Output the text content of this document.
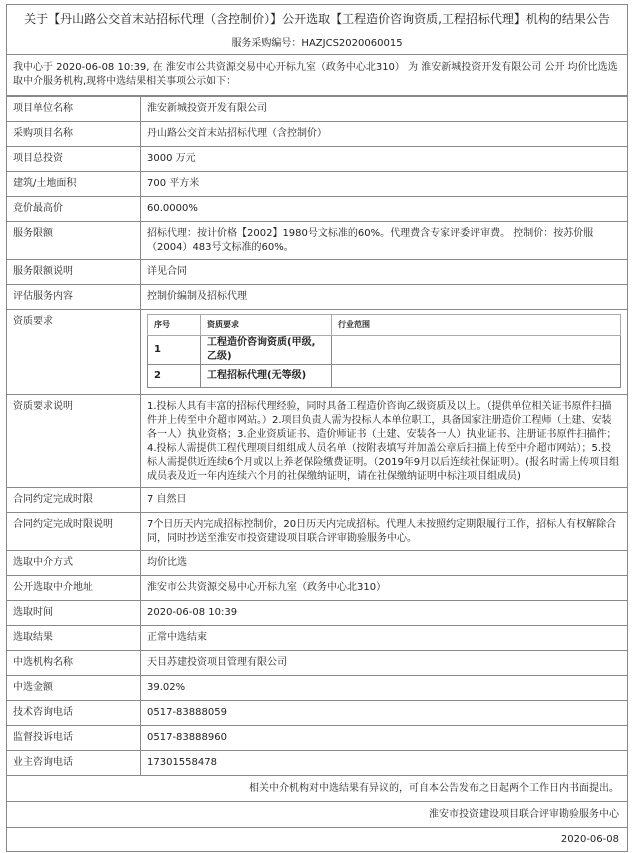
关于【丹山路公交首末站招标代理（含控制价）】公开选取【工程造价咨询资质,工程招标代理】机构的结果公告
服务采购编号：HAZJCS2020060015
我中心于 2020-06-08 10:39, 在 淮安市公共资源交易中心开标九室（政务中心北310） 为 淮安新城投资开发有限公司 公开 均价比选选取中介服务机构,现将中选结果相关事项公示如下：
项目单位名称	淮安新城投资开发有限公司
采购项目名称	丹山路公交首末站招标代理（含控制价）
项目总投资	3000 万元
建筑/土地面积	700 平方米
竞价最高价	60.0000%
服务限额	招标代理：按计价格【2002】1980号文标准的60%。代理费含专家评委评审费。 控制价：按苏价服（2004）483号文标准的60%。
服务限额说明	详见合同
评估服务内容	控制价编制及招标代理
资质要求		序号	资质要求	行业范围
1	工程造价咨询资质(甲级,乙级)	
2	工程招标代理(无等级)	

资质要求说明	1.投标人具有丰富的招标代理经验，同时具备工程造价咨询乙级资质及以上。（提供单位相关证书原件扫描件并上传至中介超市网站。）2.项目负责人需为投标人本单位职工，具备国家注册造价工程师（土建、安装各一人）执业资格；3.企业资质证书、造价师证书（土建、安装各一人）执业证书、注册证书原件扫描件；4.投标人需提供工程代理项目组组成人员名单（按附表填写并加盖公章后扫描上传至中介超市网站）；5.投标人需提供近连续6个月或以上养老保险缴费证明。（2019年9月以后连续社保证明）。(报名时需上传项目组成员表及近一年内连续六个月的社保缴纳证明，请在社保缴纳证明中标注项目组成员)
合同约定完成时限	7 自然日
合同约定完成时限说明	7个日历天内完成招标控制价，20日历天内完成招标。代理人未按照约定期限履行工作，招标人有权解除合同，同时抄送至淮安市投资建设项目联合评审勘验服务中心。
选取中介方式	均价比选
公开选取中介地址	淮安市公共资源交易中心开标九室（政务中心北310）
选取时间	2020-06-08 10:39
选取结果	正常中选结束
中选机构名称	天目苏建投资项目管理有限公司
中选金额	39.02%
技术咨询电话	0517-83888059
监督投诉电话	0517-83888960
业主咨询电话	17301558478
相关中介机构对中选结果有异议的，可自本公告发布之日起两个工作日内书面提出。
淮安市投资建设项目联合评审勘验服务中心
2020-06-08
